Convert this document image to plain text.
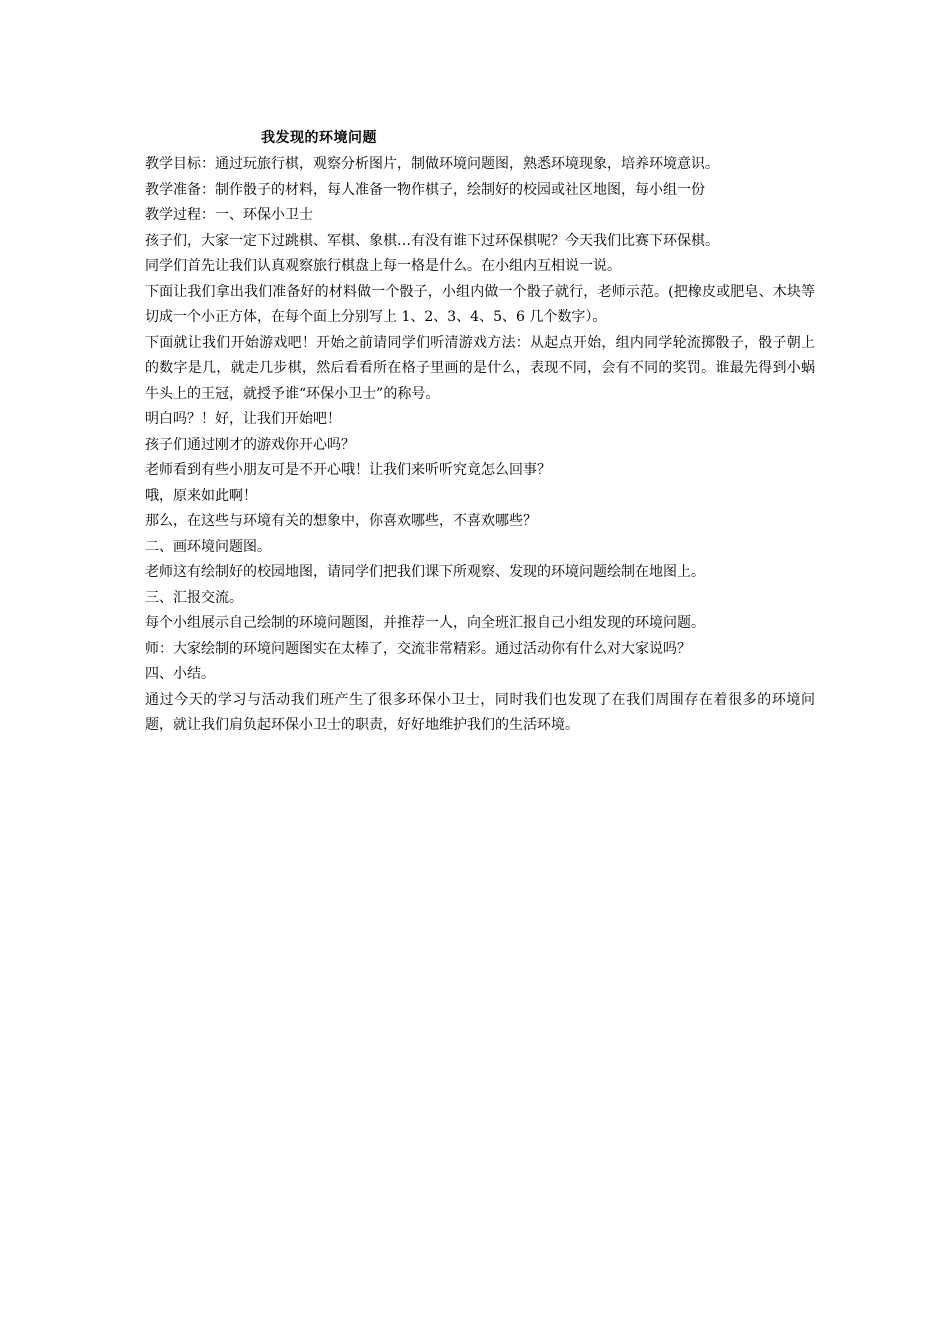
我发现的环境问题

教学目标：通过玩旅行棋，观察分析图片，制做环境问题图，熟悉环境现象，培养环境意识。

教学准备：制作骰子的材料，每人准备一物作棋子，绘制好的校园或社区地图，每小组一份

教学过程：一、环保小卫士

孩子们，大家一定下过跳棋、军棋、象棋…有没有谁下过环保棋呢？今天我们比赛下环保棋。

同学们首先让我们认真观察旅行棋盘上每一格是什么。在小组内互相说一说。

下面让我们拿出我们准备好的材料做一个骰子，小组内做一个骰子就行，老师示范。(把橡皮或肥皂、木块等切成一个小正方体，在每个面上分别写上 1、2、3、4、5、6 几个数字）。

下面就让我们开始游戏吧！开始之前请同学们听清游戏方法：从起点开始，组内同学轮流掷骰子，骰子朝上的数字是几，就走几步棋，然后看看所在格子里画的是什么，表现不同，会有不同的奖罚。谁最先得到小蜗牛头上的王冠，就授予谁“环保小卫士”的称号。

明白吗？！好，让我们开始吧！

孩子们通过刚才的游戏你开心吗？

老师看到有些小朋友可是不开心哦！让我们来听听究竟怎么回事？

哦，原来如此啊！

那么，在这些与环境有关的想象中，你喜欢哪些，不喜欢哪些？

二、画环境问题图。

老师这有绘制好的校园地图，请同学们把我们课下所观察、发现的环境问题绘制在地图上。

三、汇报交流。

每个小组展示自己绘制的环境问题图，并推荐一人，向全班汇报自己小组发现的环境问题。

师：大家绘制的环境问题图实在太棒了，交流非常精彩。通过活动你有什么对大家说吗？

四、小结。

通过今天的学习与活动我们班产生了很多环保小卫士，同时我们也发现了在我们周围存在着很多的环境问题，就让我们肩负起环保小卫士的职责，好好地维护我们的生活环境。
